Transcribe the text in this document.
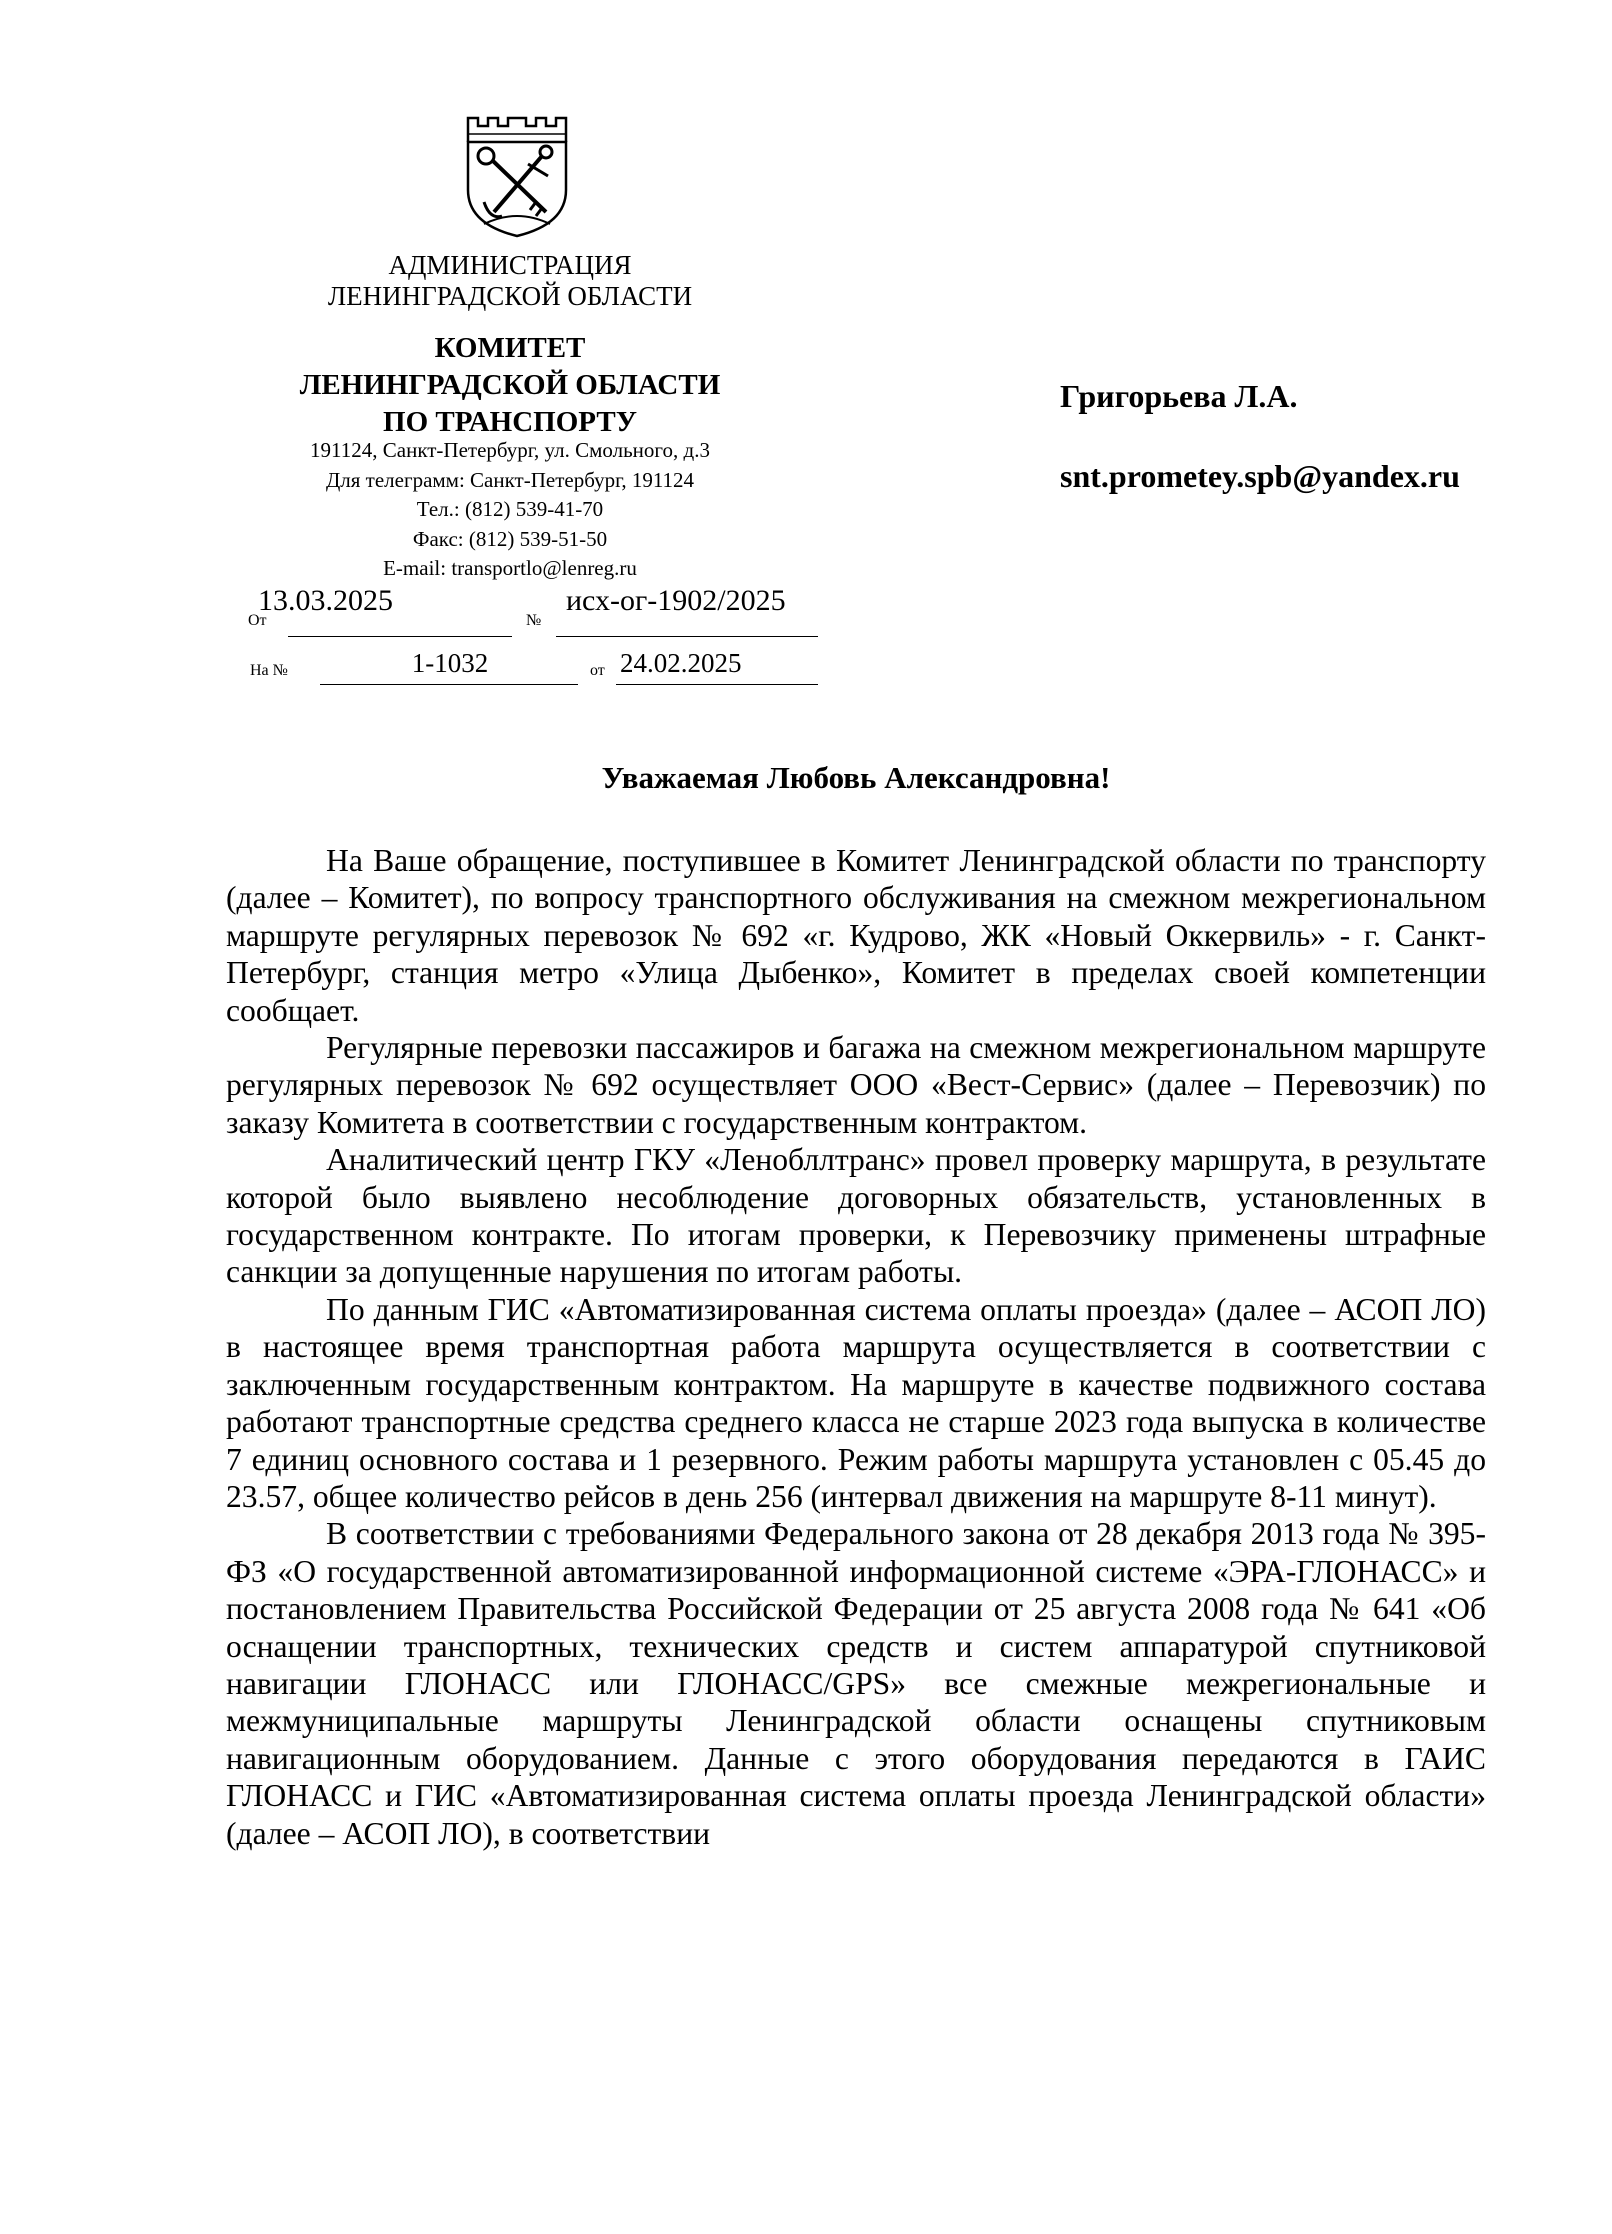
АДМИНИСТРАЦИЯ
ЛЕНИНГРАДСКОЙ ОБЛАСТИ
КОМИТЕТ
ЛЕНИНГРАДСКОЙ ОБЛАСТИ
ПО ТРАНСПОРТУ
191124, Санкт-Петербург, ул. Смольного, д.3
Для телеграмм: Санкт-Петербург, 191124
Тел.: (812) 539-41-70
Факс: (812) 539-51-50
E-mail: transportlo@lenreg.ru
От
13.03.2025
№
исх-ог-1902/2025
На №	1-1032	от 24.02.2025
Григорьева Л.А.
snt.prometey.spb@yandex.ru
Уважаемая Любовь Александровна!

На Ваше обращение, поступившее в Комитет Ленинградской области по транспорту (далее – Комитет), по вопросу транспортного обслуживания на смежном межрегиональном маршруте регулярных перевозок № 692 «г. Кудрово, ЖК «Новый Оккервиль» - г. Санкт-Петербург, станция метро «Улица Дыбенко», Комитет в пределах своей компетенции сообщает.

Регулярные перевозки пассажиров и багажа на смежном межрегиональном маршруте регулярных перевозок № 692 осуществляет ООО «Вест-Сервис» (далее – Перевозчик) по заказу Комитета в соответствии с государственным контрактом.

Аналитический центр ГКУ «Ленобллтранс» провел проверку маршрута, в результате которой было выявлено несоблюдение договорных обязательств, установленных в государственном контракте. По итогам проверки, к Перевозчику применены штрафные санкции за допущенные нарушения по итогам работы.

По данным ГИС «Автоматизированная система оплаты проезда» (далее – АСОП ЛО) в настоящее время транспортная работа маршрута осуществляется в соответствии с заключенным государственным контрактом. На маршруте в качестве подвижного состава работают транспортные средства среднего класса не старше 2023 года выпуска в количестве 7 единиц основного состава и 1 резервного. Режим работы маршрута установлен с 05.45 до 23.57, общее количество рейсов в день 256 (интервал движения на маршруте 8-11 минут).

В соответствии с требованиями Федерального закона от 28 декабря 2013 года № 395-ФЗ «О государственной автоматизированной информационной системе «ЭРА-ГЛОНАСС» и постановлением Правительства Российской Федерации от 25 августа 2008 года № 641 «Об оснащении транспортных, технических средств и систем аппаратурой спутниковой навигации ГЛОНАСС или ГЛОНАСС/GPS» все смежные межрегиональные и межмуниципальные маршруты Ленинградской области оснащены спутниковым навигационным оборудованием. Данные с этого оборудования передаются в ГАИС ГЛОНАСС и ГИС «Автоматизированная система оплаты проезда Ленинградской области» (далее – АСОП ЛО), в соответствии
